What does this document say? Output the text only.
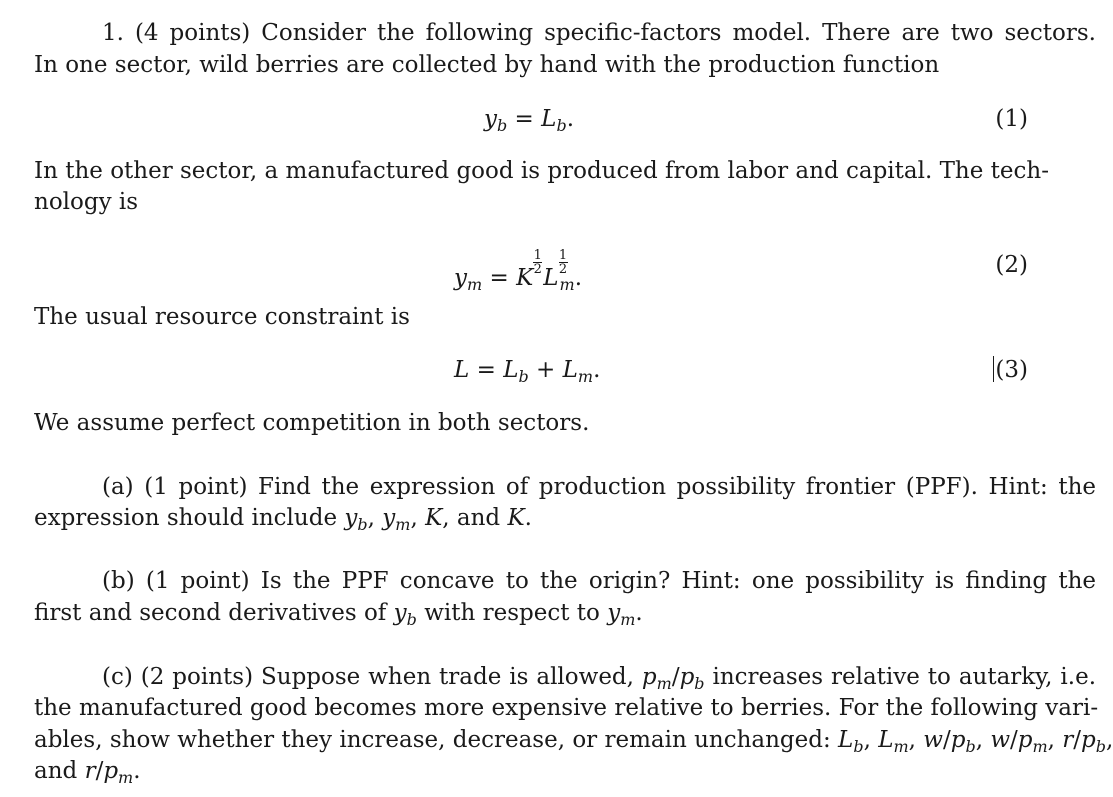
1. (4 points) Consider the following specific-factors model. There are two sectors.
In one sector, wild berries are collected by hand with the production function
$y_b = L_b$.	(1)
In the other sector, a manufactured good is produced from labor and capital. The tech-
nology is
$y_m = K\frac{1}{2}L\frac{1}{2}_m$.	(2)
The usual resource constraint is
$L = L_b + L_m$.	(3)
We assume perfect competition in both sectors.
(a) (1 point) Find the expression of production possibility frontier (PPF). Hint: the
expression should include $y_b$, $y_m$, K, and K.
(b) (1 point) Is the PPF concave to the origin? Hint: one possibility is finding the
first and second derivatives of $y_b$ with respect to $y_m$.
(c) (2 points) Suppose when trade is allowed, $p_m/p_b$ increases relative to autarky, i.e.
the manufactured good becomes more expensive relative to berries. For the following vari-
ables, show whether they increase, decrease, or remain unchanged: $L_b$, $L_m$, $w/p_b$, $w/p_m$, $r/p_b$,
and $r/p_m$.
